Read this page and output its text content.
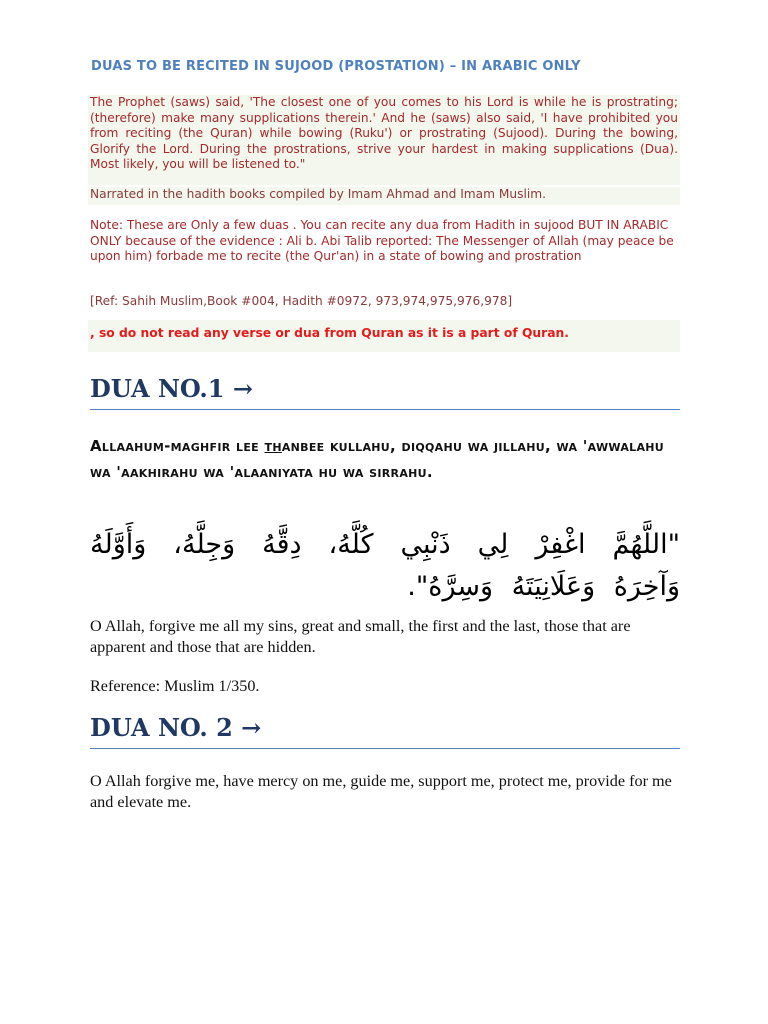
DUAS TO BE RECITED IN SUJOOD (PROSTATION) – IN ARABIC ONLY

The Prophet (saws) said, 'The closest one of you comes to his Lord is while he is prostrating; (therefore) make many supplications therein.' And he (saws) also said, 'I have prohibited you from reciting (the Quran) while bowing (Ruku') or prostrating (Sujood). During the bowing, Glorify the Lord. During the prostrations, strive your hardest in making supplications (Dua). Most likely, you will be listened to."

Narrated in the hadith books compiled by Imam Ahmad and Imam Muslim.

Note: These are Only a few duas . You can recite any dua from Hadith in sujood BUT IN ARABIC ONLY because of the evidence : Ali b. Abi Talib reported: The Messenger of Allah (may peace be upon him) forbade me to recite (the Qur'an) in a state of bowing and prostration

[Ref: Sahih Muslim,Book #004, Hadith #0972, 973,974,975,976,978]

, so do not read any verse or dua from Quran as it is a part of Quran.

DUA NO.1 →

Allaahum-maghfir lee thanbee kullahu, diqqahu wa jillahu, wa 'awwalahu wa 'aakhirahu wa 'alaaniyata hu wa sirrahu.

"اللَّهُمَّ اغْفِرْ لِي ذَنْبِي كُلَّهُ، دِقَّهُ وَجِلَّهُ، وَأَوَّلَهُ وَآخِرَهُ وَعَلَانِيَتَهُ وَسِرَّهُ".

O Allah, forgive me all my sins, great and small, the first and the last, those that are apparent and those that are hidden.

Reference: Muslim 1/350.

DUA NO. 2 →

O Allah forgive me, have mercy on me, guide me, support me, protect me, provide for me and elevate me.
